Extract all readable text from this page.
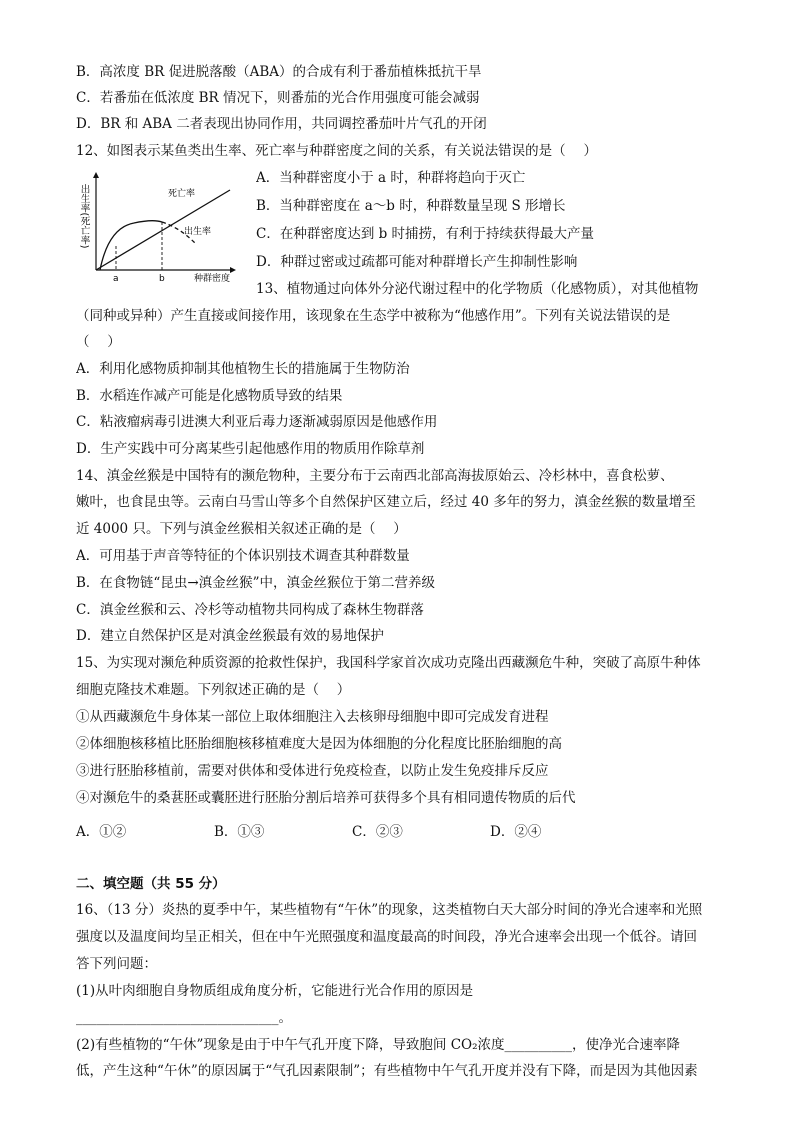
B．高浓度 BR 促进脱落酸（ABA）的合成有利于番茄植株抵抗干旱
C．若番茄在低浓度 BR 情况下，则番茄的光合作用强度可能会减弱
D．BR 和 ABA 二者表现出协同作用，共同调控番茄叶片气孔的开闭
12、如图表示某鱼类出生率、死亡率与种群密度之间的关系，有关说法错误的是（　 ）
出生率(死亡率)	死亡率
出生率
a	b	种群密度
A．当种群密度小于 a 时，种群将趋向于灭亡
B．当种群密度在 a～b 时，种群数量呈现 S 形增长
C．在种群密度达到 b 时捕捞，有利于持续获得最大产量
D．种群过密或过疏都可能对种群增长产生抑制性影响
13、植物通过向体外分泌代谢过程中的化学物质（化感物质），对其他植物
（同种或异种）产生直接或间接作用，该现象在生态学中被称为“他感作用”。下列有关说法错误的是
（　 ）
A．利用化感物质抑制其他植物生长的措施属于生物防治
B．水稻连作减产可能是化感物质导致的结果
C．粘液瘤病毒引进澳大利亚后毒力逐渐减弱原因是他感作用
D．生产实践中可分离某些引起他感作用的物质用作除草剂
14、滇金丝猴是中国特有的濒危物种，主要分布于云南西北部高海拔原始云、冷杉林中，喜食松萝、
嫩叶，也食昆虫等。云南白马雪山等多个自然保护区建立后，经过 40 多年的努力，滇金丝猴的数量增至
近 4000 只。下列与滇金丝猴相关叙述正确的是（　 ）
A．可用基于声音等特征的个体识别技术调查其种群数量
B．在食物链“昆虫→滇金丝猴”中，滇金丝猴位于第二营养级
C．滇金丝猴和云、冷杉等动植物共同构成了森林生物群落
D．建立自然保护区是对滇金丝猴最有效的易地保护
15、为实现对濒危种质资源的抢救性保护，我国科学家首次成功克隆出西藏濒危牛种，突破了高原牛种体
细胞克隆技术难题。下列叙述正确的是（　 ）
①从西藏濒危牛身体某一部位上取体细胞注入去核卵母细胞中即可完成发育进程
②体细胞核移植比胚胎细胞核移植难度大是因为体细胞的分化程度比胚胎细胞的高
③进行胚胎移植前，需要对供体和受体进行免疫检查，以防止发生免疫排斥反应
④对濒危牛的桑葚胚或囊胚进行胚胎分割后培养可获得多个具有相同遗传物质的后代
A．①②	B．①③	C．②③	D．②④
二、填空题（共 55 分）
16、（13 分）炎热的夏季中午，某些植物有“午休”的现象，这类植物白天大部分时间的净光合速率和光照
强度以及温度间均呈正相关，但在中午光照强度和温度最高的时间段，净光合速率会出现一个低谷。请回
答下列问题：
(1)从叶肉细胞自身物质组成角度分析，它能进行光合作用的原因是
______________________________。
(2)有些植物的“午休”现象是由于中午气孔开度下降，导致胞间 CO₂浓度__________，使净光合速率降
低，产生这种“午休”的原因属于“气孔因素限制”；有些植物中午气孔开度并没有下降，而是因为其他因素
